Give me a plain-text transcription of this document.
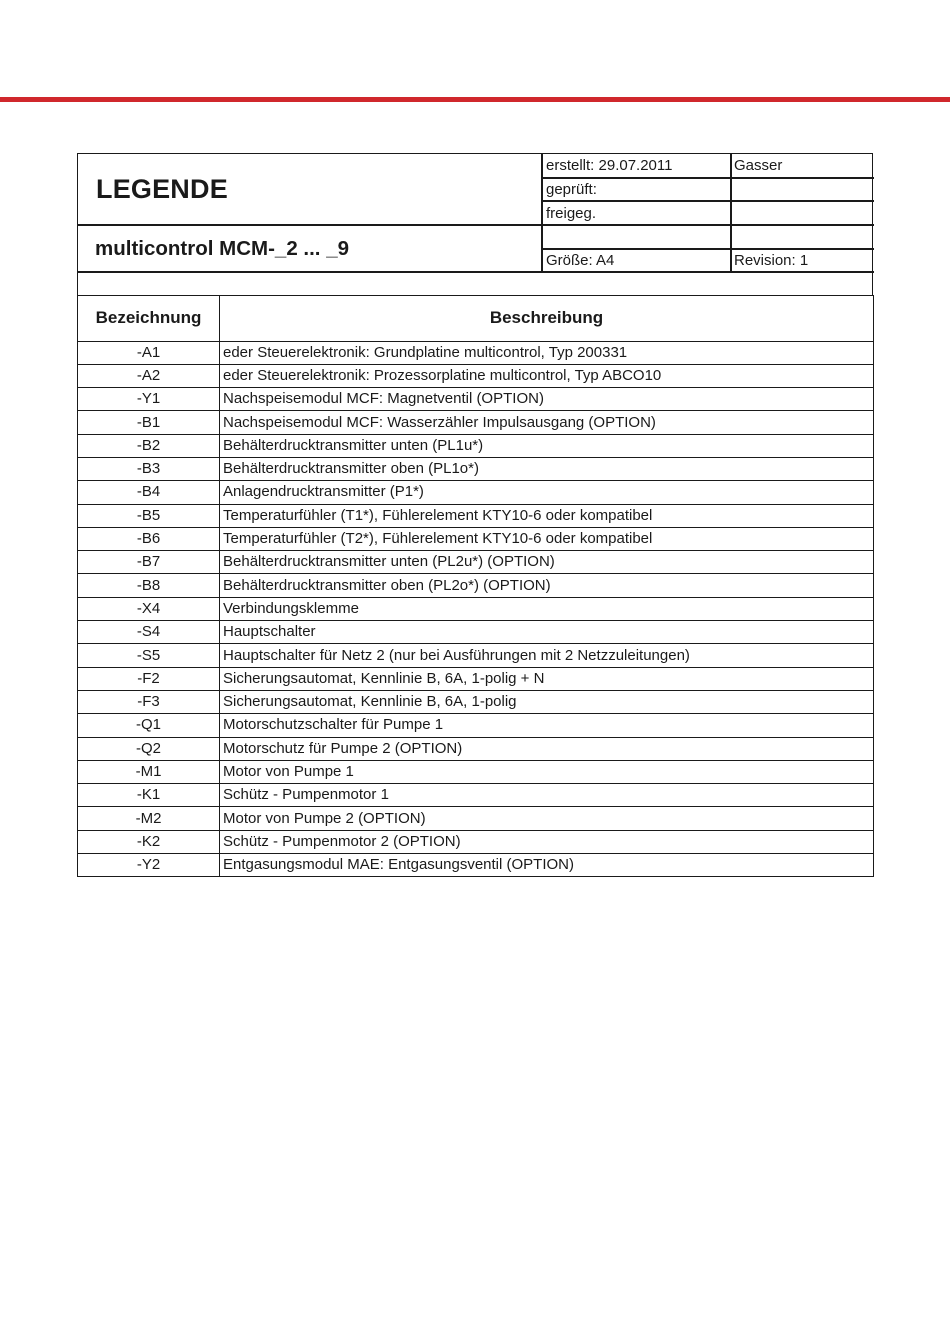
LEGENDE
multicontrol MCM-_2 ... _9
erstellt: 29.07.2011	Gasser
geprüft:
freigeg.
Größe: A4	Revision: 1
Bezeichnung	Beschreibung
-A1	eder Steuerelektronik: Grundplatine multicontrol, Typ 200331
-A2	eder Steuerelektronik: Prozessorplatine multicontrol, Typ ABCO10
-Y1	Nachspeisemodul MCF: Magnetventil (OPTION)
-B1	Nachspeisemodul MCF: Wasserzähler Impulsausgang (OPTION)
-B2	Behälterdrucktransmitter unten (PL1u*)
-B3	Behälterdrucktransmitter oben (PL1o*)
-B4	Anlagendrucktransmitter (P1*)
-B5	Temperaturfühler (T1*), Fühlerelement KTY10-6 oder kompatibel
-B6	Temperaturfühler (T2*), Fühlerelement KTY10-6 oder kompatibel
-B7	Behälterdrucktransmitter unten (PL2u*) (OPTION)
-B8	Behälterdrucktransmitter oben (PL2o*) (OPTION)
-X4	Verbindungsklemme
-S4	Hauptschalter
-S5	Hauptschalter für Netz 2 (nur bei Ausführungen mit 2 Netzzuleitungen)
-F2	Sicherungsautomat, Kennlinie B, 6A, 1-polig + N
-F3	Sicherungsautomat, Kennlinie B, 6A, 1-polig
-Q1	Motorschutzschalter für Pumpe 1
-Q2	Motorschutz für Pumpe 2 (OPTION)
-M1	Motor von Pumpe 1
-K1	Schütz - Pumpenmotor 1
-M2	Motor von Pumpe 2 (OPTION)
-K2	Schütz - Pumpenmotor 2 (OPTION)
-Y2	Entgasungsmodul MAE: Entgasungsventil (OPTION)
